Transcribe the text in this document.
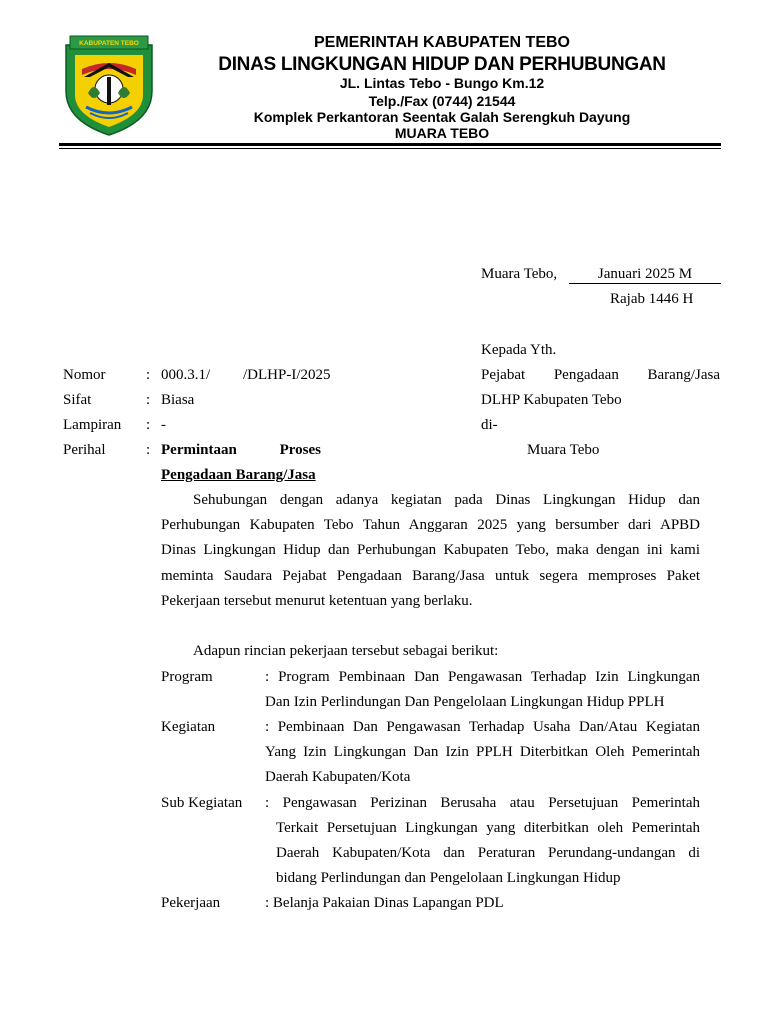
KABUPATEN TEBO	PEMERINTAH KABUPATEN TEBO
DINAS LINGKUNGAN HIDUP DAN PERHUBUNGAN
JL. Lintas Tebo - Bungo Km.12
Telp./Fax (0744) 21544
Komplek Perkantoran Seentak Galah Serengkuh Dayung
MUARA TEBO
Muara Tebo,	Januari 2025 M
Rajab 1446 H
Kepada Yth.
Pejabat Pengadaan Barang/Jasa
DLHP Kabupaten Tebo
di-
Muara Tebo
Nomor	: 000.3.1/ /DLHP-I/2025
Sifat	: Biasa
Lampiran : -
Perihal	: Permintaan	Proses
Pengadaan Barang/Jasa
Sehubungan dengan adanya kegiatan pada Dinas Lingkungan Hidup dan
Perhubungan Kabupaten Tebo Tahun Anggaran 2025 yang bersumber dari APBD
Dinas Lingkungan Hidup dan Perhubungan Kabupaten Tebo, maka dengan ini kami
meminta Saudara Pejabat Pengadaan Barang/Jasa untuk segera memproses Paket
Pekerjaan tersebut menurut ketentuan yang berlaku.
Adapun rincian pekerjaan tersebut sebagai berikut:
Program	: Program Pembinaan Dan Pengawasan Terhadap Izin Lingkungan
Dan Izin Perlindungan Dan Pengelolaan Lingkungan Hidup PPLH
Kegiatan	: Pembinaan Dan Pengawasan Terhadap Usaha Dan/Atau Kegiatan
Yang Izin Lingkungan Dan Izin PPLH Diterbitkan Oleh Pemerintah
Daerah Kabupaten/Kota
Sub Kegiatan : Pengawasan Perizinan Berusaha atau Persetujuan Pemerintah
Terkait Persetujuan Lingkungan yang diterbitkan oleh Pemerintah
Daerah Kabupaten/Kota dan Peraturan Perundang-undangan di
bidang Perlindungan dan Pengelolaan Lingkungan Hidup
Pekerjaan	: Belanja Pakaian Dinas Lapangan PDL
